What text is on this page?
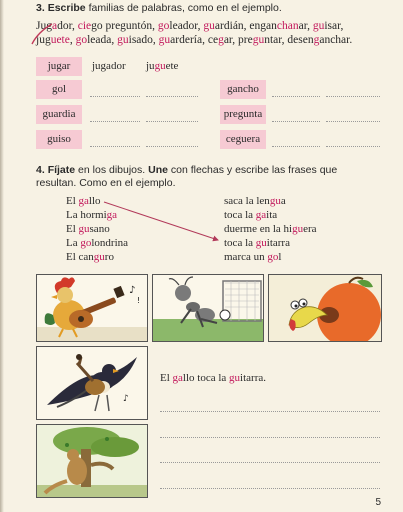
3. Escribe familias de palabras, como en el ejemplo.
Jugador, ciego preguntón, goleador, guardián, enganchanar, guisar,
juguete, goleada, guisado, guardería, cegar, preguntar, desenganchar.
jugar	jugador juguete
gol
guardia
guiso
gancho
pregunta
ceguera
4. Fíjate en los dibujos. Une con flechas y escribe las frases que
resultan. Como en el ejemplo.
El gallo
La hormiga
El gusano
La golondrina
El canguro
saca la lengua
toca la gaita
duerme en la higuera
toca la guitarra
marca un gol
♪
!
♪
El gallo toca la guitarra.
5
